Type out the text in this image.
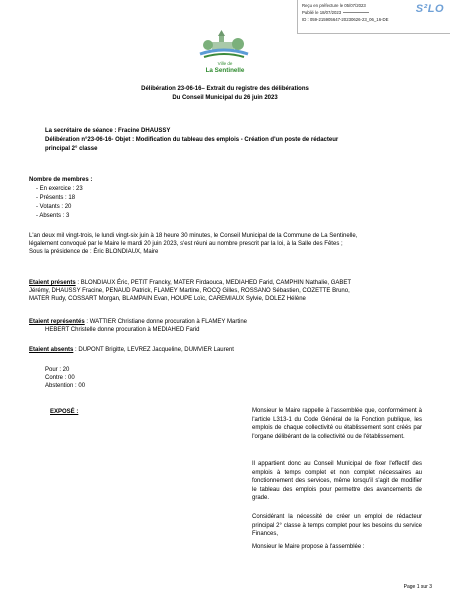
Reçu en préfecture le 05/07/2023
Publié le 18/07/2023
ID : 059-215905647-20230626-23_06_16-DE
S²LO
Ville de
La Sentinelle
Délibération 23-06-16– Extrait du registre des délibérations
Du Conseil Municipal du 26 juin 2023
La secrétaire de séance : Fracine DHAUSSY
Délibération n°23-06-16- Objet : Modification du tableau des emplois - Création d'un poste de rédacteur
principal 2° classe
Nombre de membres :
- En exercice : 23
- Présents : 18
- Votants : 20
- Absents : 3
L'an deux mil vingt-trois, le lundi vingt-six juin à 18 heure 30 minutes, le Conseil Municipal de la Commune de La Sentinelle,
légalement convoqué par le Maire le mardi 20 juin 2023, s'est réuni au nombre prescrit par la loi, à la Salle des Fêtes ;
Sous la présidence de : Éric BLONDIAUX, Maire
Etaient présents : BLONDIAUX Éric, PETIT Francky, MATER Firdaouca, MEDIAHED Farid, CAMPHIN Nathalie, GABET
Jérémy, DHAUSSY Fracine, PENAUD Patrick, FLAMEY Martine, ROCQ Gilles, ROSSANO Sébastien, COZETTE Bruno,
MATER Rudy, COSSART Morgan, BLAMPAIN Evan, HOUPE Loïc, CAREMIAUX Sylvie, DOLEZ Hélène
Etaient représentés : WATTIER Christiane donne procuration à FLAMEY Martine
HEBERT Christelle donne procuration à MEDIAHED Farid
Etaient absents : DUPONT Brigitte, LEVREZ Jacqueline, DUMVIER Laurent
Pour : 20
Contre : 00
Abstention : 00
EXPOSÉ :	Monsieur le Maire rappelle à l'assemblée que, conformément à l'article L313-1 du Code Général de la Fonction publique, les emplois de chaque collectivité ou établissement sont créés par l'organe délibérant de la collectivité ou de l'établissement.
Il appartient donc au Conseil Municipal de fixer l'effectif des emplois à temps complet et non complet nécessaires au fonctionnement des services, même lorsqu'il s'agit de modifier le tableau des emplois pour permettre des avancements de grade.
Considérant la nécessité de créer un emploi de rédacteur principal 2° classe à temps complet pour les besoins du service Finances,
Monsieur le Maire propose à l'assemblée :
Page 1 sur 3
